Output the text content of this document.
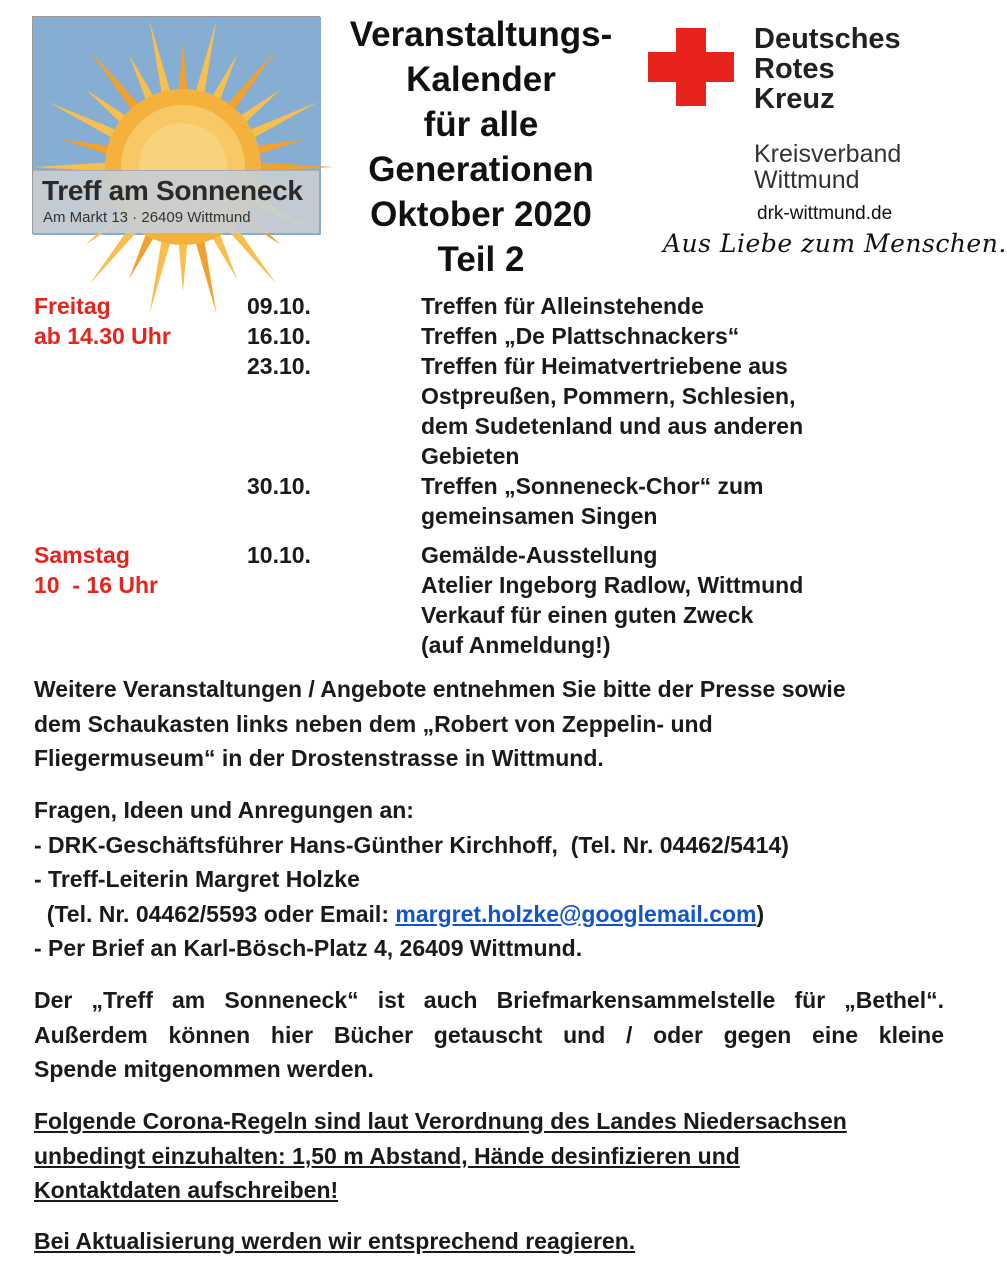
Treff am Sonneneck
Am Markt 13 · 26409 Wittmund
Veranstaltungs-
Kalender
für alle
Generationen
Oktober 2020
Teil 2
Deutsches
Rotes
Kreuz
Kreisverband
Wittmund
drk-wittmund.de
Aus Liebe zum Menschen.
Freitag
ab 14.30 Uhr
09.10.
16.10.
23.10.
30.10.
Treffen für Alleinstehende
Treffen „De Plattschnackers“
Treffen für Heimatvertriebene aus
Ostpreußen, Pommern, Schlesien,
dem Sudetenland und aus anderen
Gebieten
Treffen „Sonneneck-Chor“ zum
gemeinsamen Singen
Samstag
10  - 16 Uhr
10.10.	Gemälde-Ausstellung
Atelier Ingeborg Radlow, Wittmund
Verkauf für einen guten Zweck
(auf Anmeldung!)
Weitere Veranstaltungen / Angebote entnehmen Sie bitte der Presse sowie
dem Schaukasten links neben dem „Robert von Zeppelin- und
Fliegermuseum“ in der Drostenstrasse in Wittmund.
Fragen, Ideen und Anregungen an:
- DRK-Geschäftsführer Hans-Günther Kirchhoff,  (Tel. Nr. 04462/5414)
- Treff-Leiterin Margret Holzke
(Tel. Nr. 04462/5593 oder Email: margret.holzke@googlemail.com)
- Per Brief an Karl-Bösch-Platz 4, 26409 Wittmund.
Der „Treff am Sonneneck“ ist auch Briefmarkensammelstelle für „Bethel“.
Außerdem können hier Bücher getauscht und / oder gegen eine kleine
Spende mitgenommen werden.
Folgende Corona-Regeln sind laut Verordnung des Landes Niedersachsen
unbedingt einzuhalten: 1,50 m Abstand, Hände desinfizieren und
Kontaktdaten aufschreiben!
Bei Aktualisierung werden wir entsprechend reagieren.
